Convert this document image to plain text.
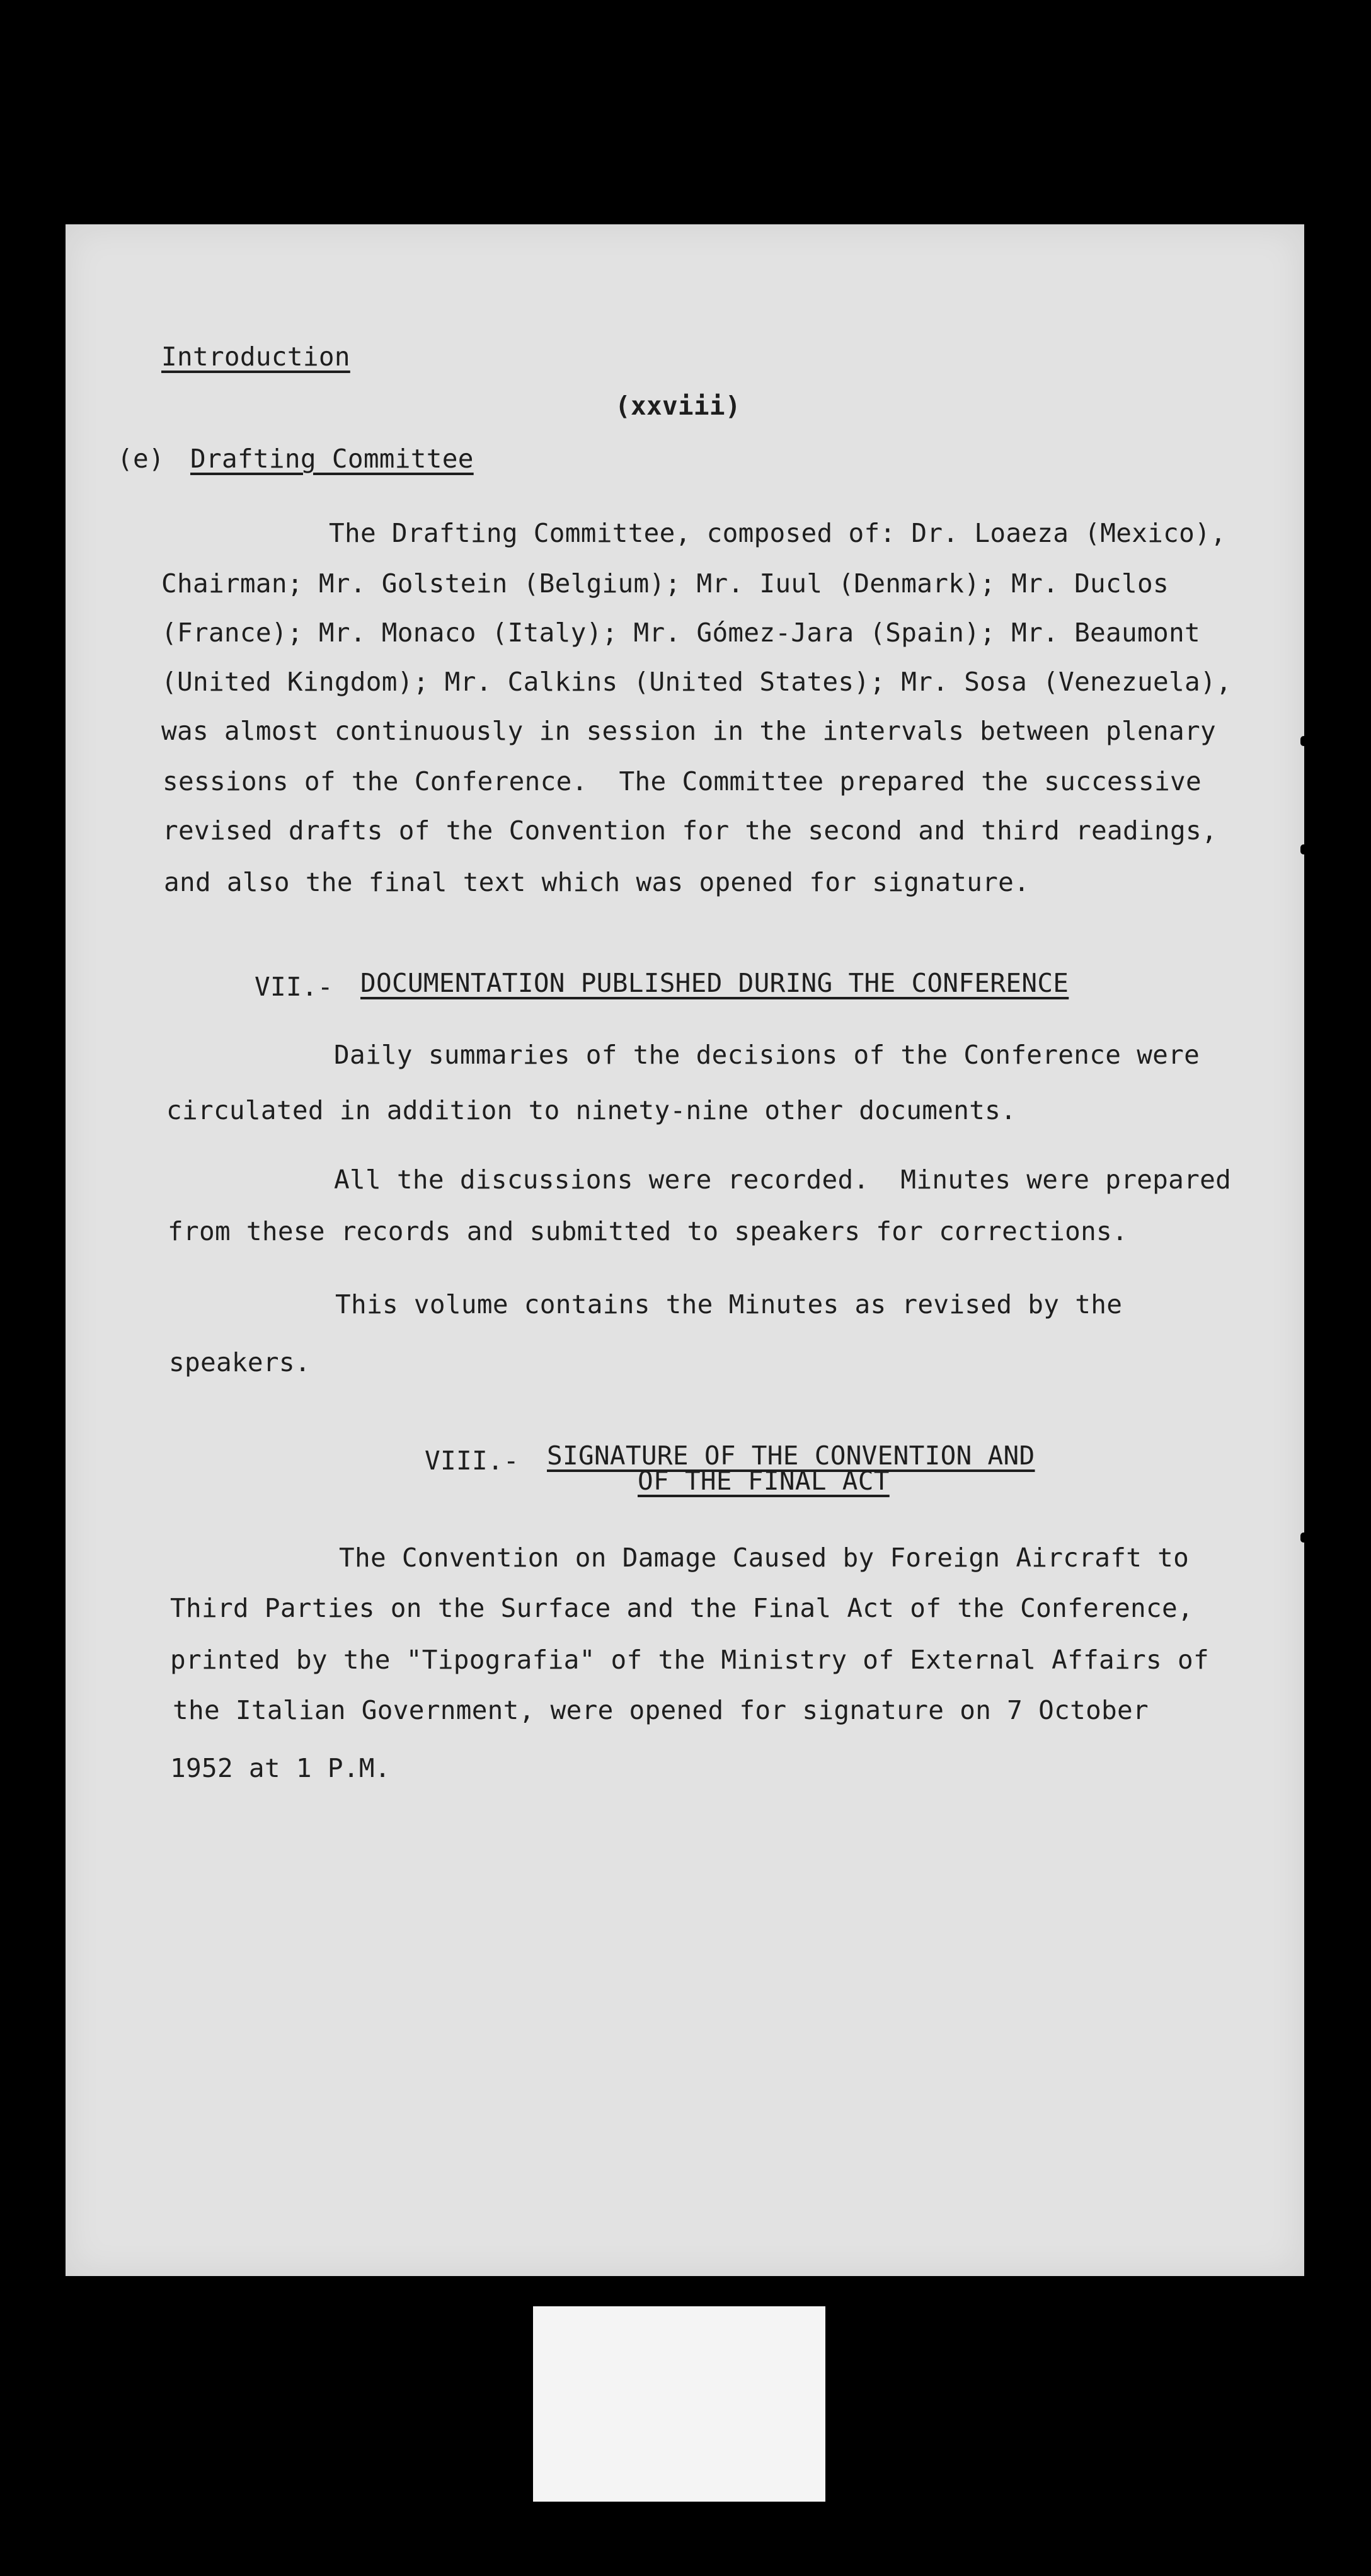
Introduction
(xxviii)
(e) Drafting Committee
The Drafting Committee, composed of: Dr. Loaeza (Mexico),
Chairman; Mr. Golstein (Belgium); Mr. Iuul (Denmark); Mr. Duclos
(France); Mr. Monaco (Italy); Mr. Gómez-Jara (Spain); Mr. Beaumont
(United Kingdom); Mr. Calkins (United States); Mr. Sosa (Venezuela),
was almost continuously in session in the intervals between plenary
sessions of the Conference.  The Committee prepared the successive
revised drafts of the Convention for the second and third readings,
and also the final text which was opened for signature.
VII.- DOCUMENTATION PUBLISHED DURING THE CONFERENCE
Daily summaries of the decisions of the Conference were
circulated in addition to ninety-nine other documents.
All the discussions were recorded.  Minutes were prepared
from these records and submitted to speakers for corrections.
This volume contains the Minutes as revised by the
speakers.
VIII.- SIGNATURE OF THE CONVENTION AND
OF THE FINAL ACT
The Convention on Damage Caused by Foreign Aircraft to
Third Parties on the Surface and the Final Act of the Conference,
printed by the "Tipografia" of the Ministry of External Affairs of
the Italian Government, were opened for signature on 7 October
1952 at 1 P.M.
